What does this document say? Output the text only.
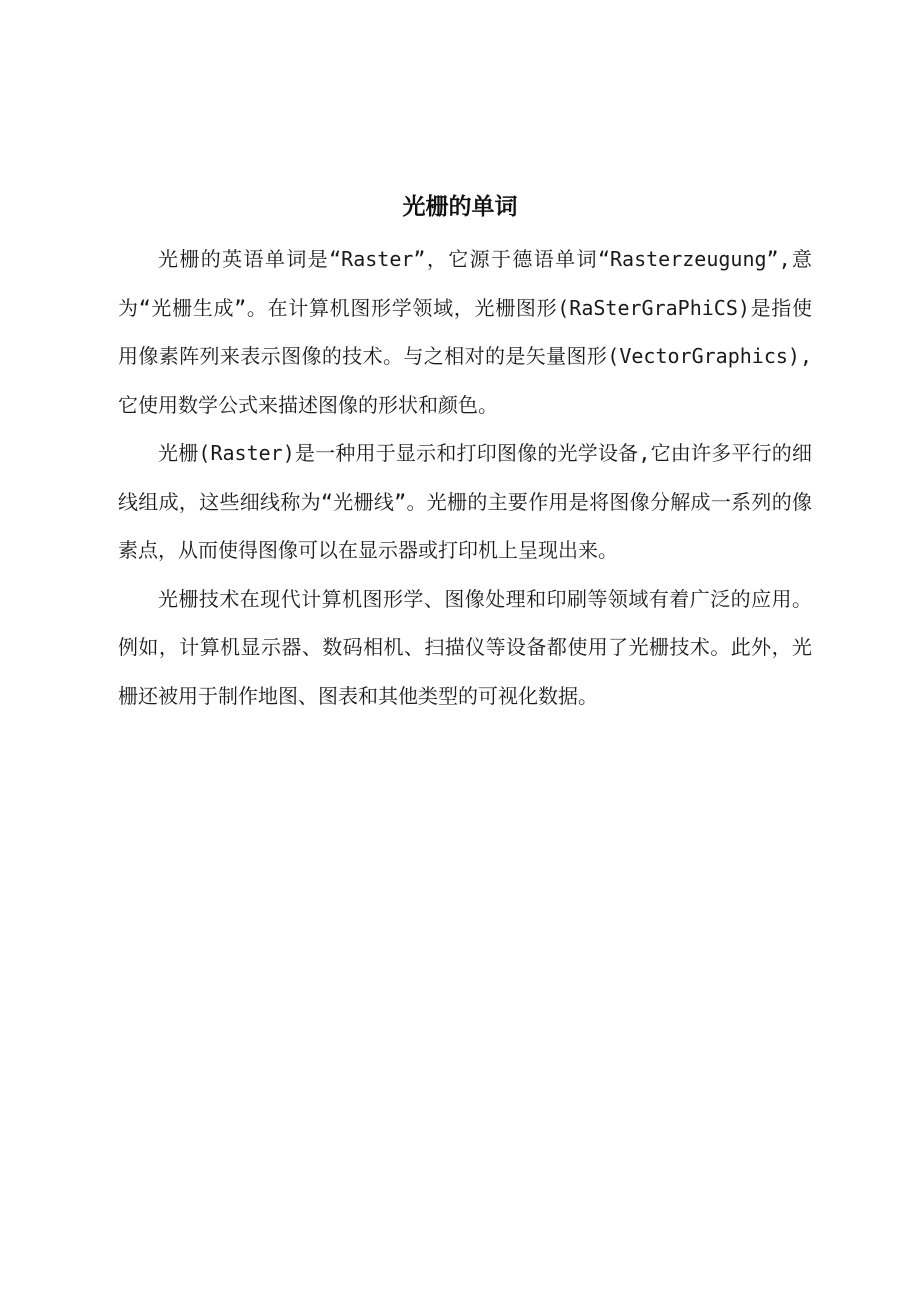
光栅的单词

光栅的英语单词是“Raster”，它源于德语单词“Rasterzeugung”,意为“光栅生成”。在计算机图形学领域，光栅图形(RaSterGraPhiCS)是指使用像素阵列来表示图像的技术。与之相对的是矢量图形(VectorGraphics),它使用数学公式来描述图像的形状和颜色。

光栅(Raster)是一种用于显示和打印图像的光学设备,它由许多平行的细线组成，这些细线称为“光栅线”。光栅的主要作用是将图像分解成一系列的像素点，从而使得图像可以在显示器或打印机上呈现出来。

光栅技术在现代计算机图形学、图像处理和印刷等领域有着广泛的应用。例如，计算机显示器、数码相机、扫描仪等设备都使用了光栅技术。此外，光栅还被用于制作地图、图表和其他类型的可视化数据。
